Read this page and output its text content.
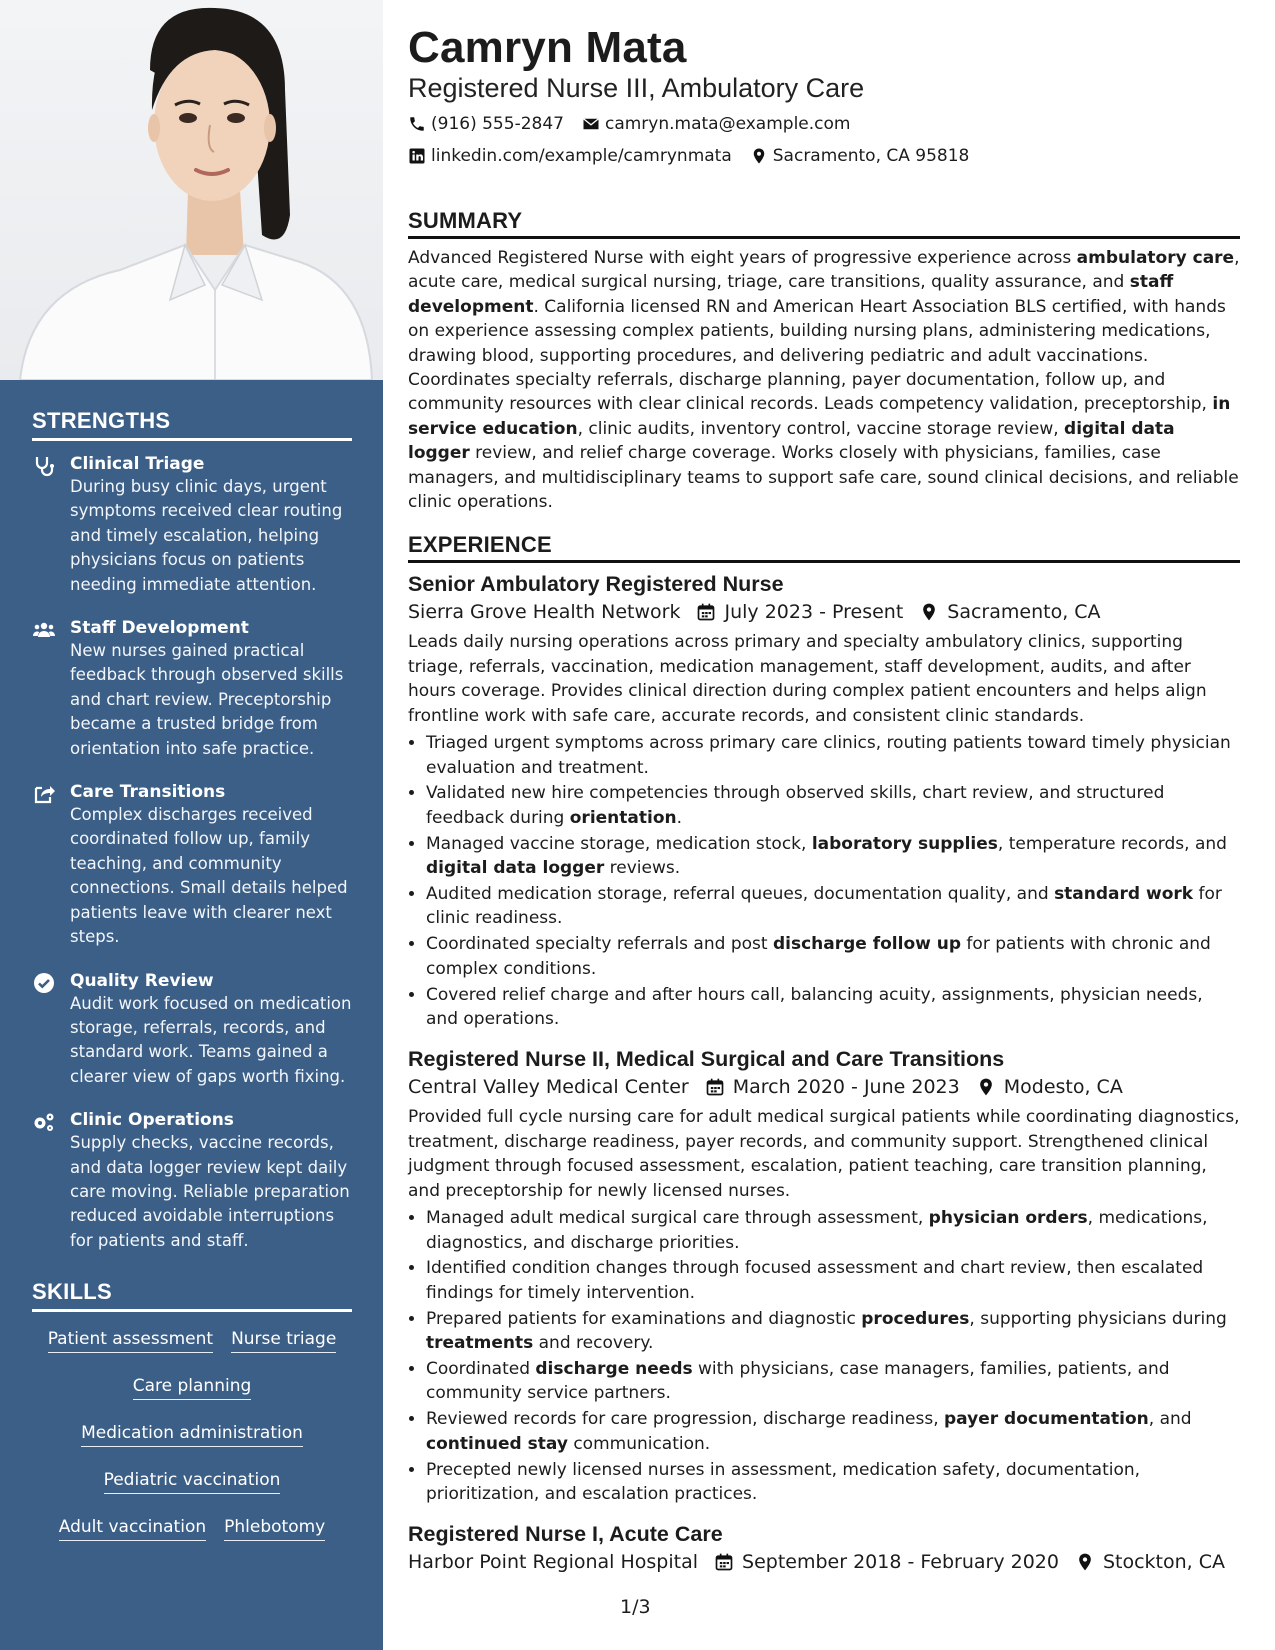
STRENGTHS
Clinical Triage
During busy clinic days, urgent symptoms received clear routing and timely escalation, helping physicians focus on patients needing immediate attention.
Staff Development
New nurses gained practical feedback through observed skills and chart review. Preceptorship became a trusted bridge from orientation into safe practice.
Care Transitions
Complex discharges received coordinated follow up, family teaching, and community connections. Small details helped patients leave with clearer next steps.
Quality Review
Audit work focused on medication storage, referrals, records, and standard work. Teams gained a clearer view of gaps worth fixing.
Clinic Operations
Supply checks, vaccine records, and data logger review kept daily care moving. Reliable preparation reduced avoidable interruptions for patients and staff.
SKILLS
Patient assessment Nurse triage
Care planning
Medication administration
Pediatric vaccination
Adult vaccination Phlebotomy
Camryn Mata
Registered Nurse III, Ambulatory Care
(916) 555-2847 camryn.mata@example.com
linkedin.com/example/camrynmata Sacramento, CA 95818
SUMMARY

Advanced Registered Nurse with eight years of progressive experience across ambulatory care, acute care, medical surgical nursing, triage, care transitions, quality assurance, and staff development. California licensed RN and American Heart Association BLS certified, with hands on experience assessing complex patients, building nursing plans, administering medications, drawing blood, supporting procedures, and delivering pediatric and adult vaccinations. Coordinates specialty referrals, discharge planning, payer documentation, follow up, and community resources with clear clinical records. Leads competency validation, preceptorship, in service education, clinic audits, inventory control, vaccine storage review, digital data logger review, and relief charge coverage. Works closely with physicians, families, case managers, and multidisciplinary teams to support safe care, sound clinical decisions, and reliable clinic operations.

EXPERIENCE
Senior Ambulatory Registered Nurse
Sierra Grove Health Network July 2023 - Present Sacramento, CA

Leads daily nursing operations across primary and specialty ambulatory clinics, supporting triage, referrals, vaccination, medication management, staff development, audits, and after hours coverage. Provides clinical direction during complex patient encounters and helps align frontline work with safe care, accurate records, and consistent clinic standards.

• Triaged urgent symptoms across primary care clinics, routing patients toward timely physician evaluation and treatment.
• Validated new hire competencies through observed skills, chart review, and structured feedback during orientation.
• Managed vaccine storage, medication stock, laboratory supplies, temperature records, and digital data logger reviews.
• Audited medication storage, referral queues, documentation quality, and standard work for clinic readiness.
• Coordinated specialty referrals and post discharge follow up for patients with chronic and complex conditions.
• Covered relief charge and after hours call, balancing acuity, assignments, physician needs, and operations.
Registered Nurse II, Medical Surgical and Care Transitions
Central Valley Medical Center March 2020 - June 2023 Modesto, CA

Provided full cycle nursing care for adult medical surgical patients while coordinating diagnostics, treatment, discharge readiness, payer records, and community support. Strengthened clinical judgment through focused assessment, escalation, patient teaching, care transition planning, and preceptorship for newly licensed nurses.

• Managed adult medical surgical care through assessment, physician orders, medications, diagnostics, and discharge priorities.
• Identified condition changes through focused assessment and chart review, then escalated findings for timely intervention.
• Prepared patients for examinations and diagnostic procedures, supporting physicians during treatments and recovery.
• Coordinated discharge needs with physicians, case managers, families, patients, and community service partners.
• Reviewed records for care progression, discharge readiness, payer documentation, and continued stay communication.
• Precepted newly licensed nurses in assessment, medication safety, documentation, prioritization, and escalation practices.
Registered Nurse I, Acute Care
Harbor Point Regional Hospital September 2018 - February 2020 Stockton, CA
1/3
